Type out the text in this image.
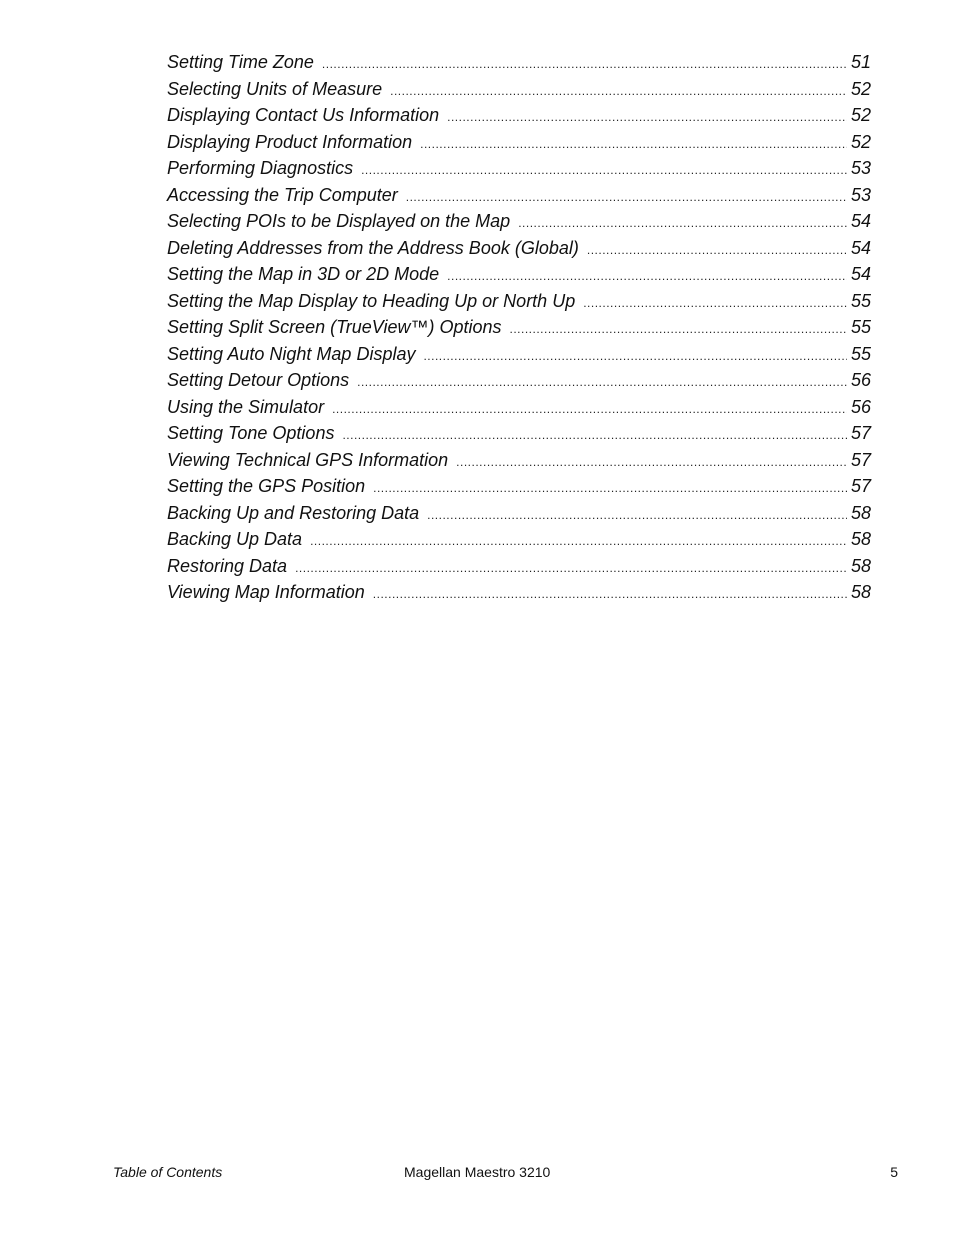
Setting Time Zone .....	51
Selecting Units of Measure .....	52
Displaying Contact Us Information .....	52
Displaying Product Information .....	52
Performing Diagnostics .....	53
Accessing the Trip Computer .....	53
Selecting POIs to be Displayed on the Map .....	54
Deleting Addresses from the Address Book (Global) .....	54
Setting the Map in 3D or 2D Mode .....	54
Setting the Map Display to Heading Up or North Up .....	55
Setting Split Screen (TrueView™) Options .....	55
Setting Auto Night Map Display .....	55
Setting Detour Options .....	56
Using the Simulator .....	56
Setting Tone Options .....	57
Viewing Technical GPS Information .....	57
Setting the GPS Position .....	57
Backing Up and Restoring Data .....	58
Backing Up Data .....	58
Restoring Data .....	58
Viewing Map Information .....	58
Table of Contents	Magellan Maestro 3210	5
